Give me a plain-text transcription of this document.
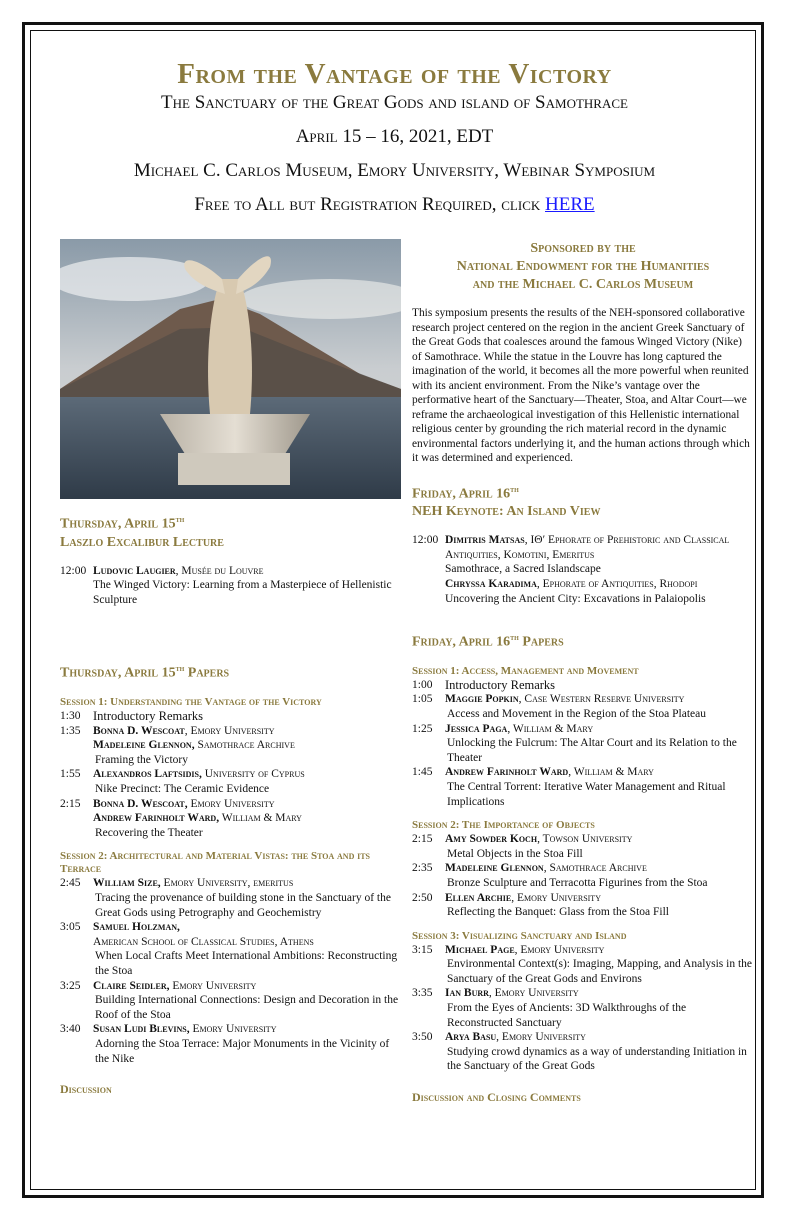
From the Vantage of the Victory
The Sanctuary of the Great Gods and island of Samothrace
April 15 – 16, 2021, EDT
Michael C. Carlos Museum, Emory University, Webinar Symposium
Free to All but Registration Required, click HERE
Sponsored by the
National Endowment for the Humanities
and the Michael C. Carlos Museum
This symposium presents the results of the NEH-sponsored collaborative research project centered on the region in the ancient Greek Sanctuary of the Great Gods that coalesces around the famous Winged Victory (Nike) of Samothrace. While the statue in the Louvre has long captured the imagination of the world, it becomes all the more powerful when reunited with its ancient environment. From the Nike’s vantage over the performative heart of the Sanctuary—Theater, Stoa, and Altar Court—we reframe the archaeological investigation of this Hellenistic international religious center by grounding the rich material record in the dynamic environmental factors underlying it, and the human actions through which it was determined and experienced.
Friday, April 16th
NEH Keynote: An Island View
12:00 Dimitris Matsas, ΙΘ′ Ephorate of Prehistoric and Classical Antiquities, Komotini, Emeritus
Samothrace, a Sacred Islandscape
Chryssa Karadima, Ephorate of Antiquities, Rhodopi
Uncovering the Ancient City: Excavations in Palaiopolis
Friday, April 16th Papers
Session 1: Access, Management and Movement
1:00	Introductory Remarks
1:05	Maggie Popkin, Case Western Reserve University
Access and Movement in the Region of the Stoa Plateau
1:25	Jessica Paga, William & Mary
Unlocking the Fulcrum: The Altar Court and its Relation to the Theater
1:45	Andrew Farinholt Ward, William & Mary
The Central Torrent: Iterative Water Management and Ritual Implications
Session 2: The Importance of Objects
2:15	Amy Sowder Koch, Towson University
Metal Objects in the Stoa Fill
2:35	Madeleine Glennon, Samothrace Archive
Bronze Sculpture and Terracotta Figurines from the Stoa
2:50	Ellen Archie, Emory University
Reflecting the Banquet: Glass from the Stoa Fill
Session 3: Visualizing Sanctuary and Island
3:15	Michael Page, Emory University
Environmental Context(s): Imaging, Mapping, and Analysis in the Sanctuary of the Great Gods and Environs
3:35	Ian Burr, Emory University
From the Eyes of Ancients: 3D Walkthroughs of the Reconstructed Sanctuary
3:50	Arya Basu, Emory University
Studying crowd dynamics as a way of understanding Initiation in the Sanctuary of the Great Gods
Discussion and Closing Comments
Thursday, April 15th
Laszlo Excalibur Lecture
12:00 Ludovic Laugier, Musée du Louvre
The Winged Victory: Learning from a Masterpiece of Hellenistic Sculpture
Thursday, April 15th Papers
Session 1: Understanding the Vantage of the Victory
1:30	Introductory Remarks
1:35	Bonna D. Wescoat, Emory University
Madeleine Glennon, Samothrace Archive
Framing the Victory
1:55	Alexandros Laftsidis, University of Cyprus
Nike Precinct: The Ceramic Evidence
2:15	Bonna D. Wescoat, Emory University
Andrew Farinholt Ward, William & Mary
Recovering the Theater
Session 2: Architectural and Material Vistas: the Stoa and its Terrace
2:45	William Size, Emory University, emeritus
Tracing the provenance of building stone in the Sanctuary of the Great Gods using Petrography and Geochemistry
3:05	Samuel Holzman,
American School of Classical Studies, Athens
When Local Crafts Meet International Ambitions: Reconstructing the Stoa
3:25	Claire Seidler, Emory University
Building International Connections: Design and Decoration in the Roof of the Stoa
3:40	Susan Ludi Blevins, Emory University
Adorning the Stoa Terrace: Major Monuments in the Vicinity of the Nike
Discussion
